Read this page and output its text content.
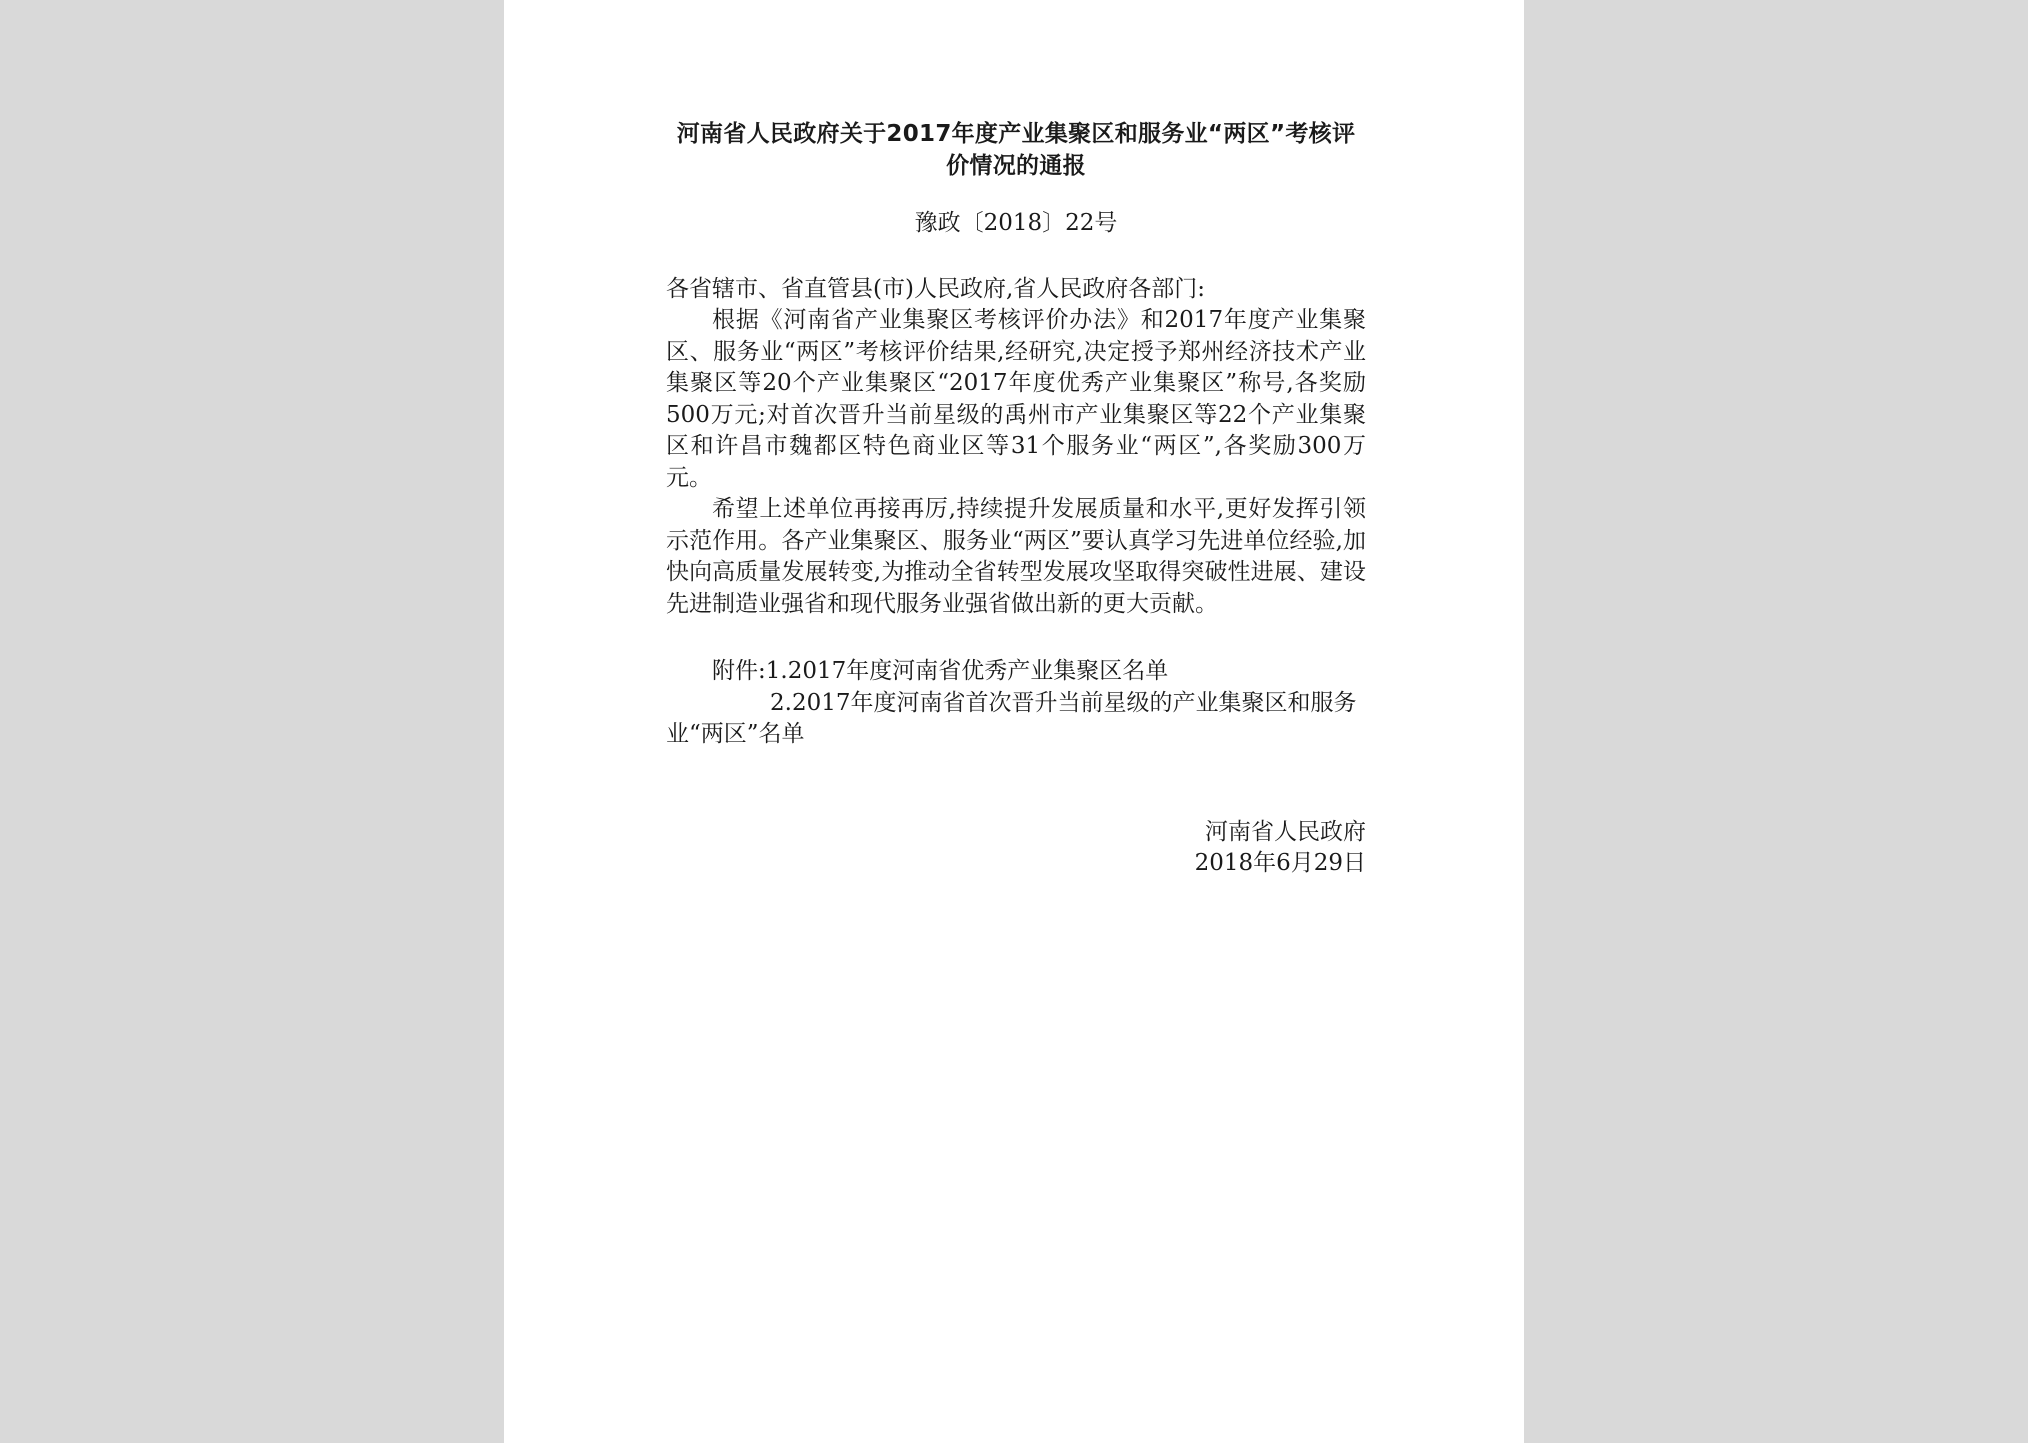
河南省人民政府关于2017年度产业集聚区和服务业“两区”考核评价情况的通报

豫政〔2018〕22号

各省辖市、省直管县(市)人民政府,省人民政府各部门:

根据《河南省产业集聚区考核评价办法》和2017年度产业集聚区、服务业“两区”考核评价结果,经研究,决定授予郑州经济技术产业集聚区等20个产业集聚区“2017年度优秀产业集聚区”称号,各奖励500万元;对首次晋升当前星级的禹州市产业集聚区等22个产业集聚区和许昌市魏都区特色商业区等31个服务业“两区”,各奖励300万元。

希望上述单位再接再厉,持续提升发展质量和水平,更好发挥引领示范作用。各产业集聚区、服务业“两区”要认真学习先进单位经验,加快向高质量发展转变,为推动全省转型发展攻坚取得突破性进展、建设先进制造业强省和现代服务业强省做出新的更大贡献。

附件:1.2017年度河南省优秀产业集聚区名单

2.2017年度河南省首次晋升当前星级的产业集聚区和服务业“两区”名单

河南省人民政府
2018年6月29日
